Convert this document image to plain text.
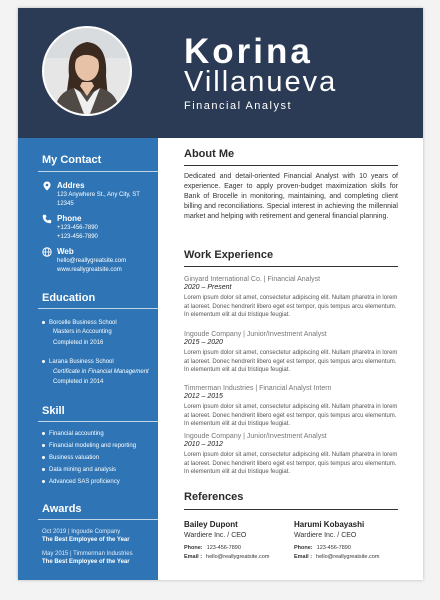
Korina
Villanueva
Financial Analyst
My Contact
Addres
123 Anywhere St., Any City, ST
12345
Phone
+123-456-7890
+123-456-7890
Web
hello@reallygreatsite.com
www.reallygreatsite.com
Education
Borcelle Business School
Masters in Accounting
Completed in 2016
Larana Business School
Certificate in Financial Management
Completed in 2014
Skill
Financial accounting
Financial modeling and reporting
Business valuation
Data mining and analysis
Advanced SAS proficiency
Awards
Oct 2019 | Ingoude Company
The Best Employee of the Year
May 2015 | Timmerman Industries
The Best Employee of the Year
About Me
Dedicated and detail-oriented Financial Analyst with 10 years of experience. Eager to apply proven-budget maximization skills for Bank of Brocelle in monitoring, maintaining, and completing client billing and reconciliations. Special interest in achieving the millennial market and helping with retirement and general financial planning.
Work Experience
Ginyard International Co. | Financial Analyst
2020 – Present
Lorem ipsum dolor sit amet, consectetur adipiscing elit. Nullam pharetra in lorem at laoreet. Donec hendrerit libero eget est tempor, quis tempus arcu elementum. In elementum elit at dui tristique feugiat.
Ingoude Company | Junior/Investment Analyst
2015 – 2020
Lorem ipsum dolor sit amet, consectetur adipiscing elit. Nullam pharetra in lorem at laoreet. Donec hendrerit libero eget est tempor, quis tempus arcu elementum. In elementum elit at dui tristique feugiat.
Timmerman Industries | Financial Analyst Intern
2012 – 2015
Lorem ipsum dolor sit amet, consectetur adipiscing elit. Nullam pharetra in lorem at laoreet. Donec hendrerit libero eget est tempor, quis tempus arcu elementum. In elementum elit at dui tristique feugiat.
Ingoude Company | Junior/Investment Analyst
2010 – 2012
Lorem ipsum dolor sit amet, consectetur adipiscing elit. Nullam pharetra in lorem at laoreet. Donec hendrerit libero eget est tempor, quis tempus arcu elementum. In elementum elit at dui tristique feugiat.
References
Bailey Dupont
Wardiere Inc. / CEO
Phone: 123-456-7890
Email : hello@reallygreatsite.com
Harumi Kobayashi
Wardiere Inc. / CEO
Phone: 123-456-7890
Email : hello@reallygreatsite.com
